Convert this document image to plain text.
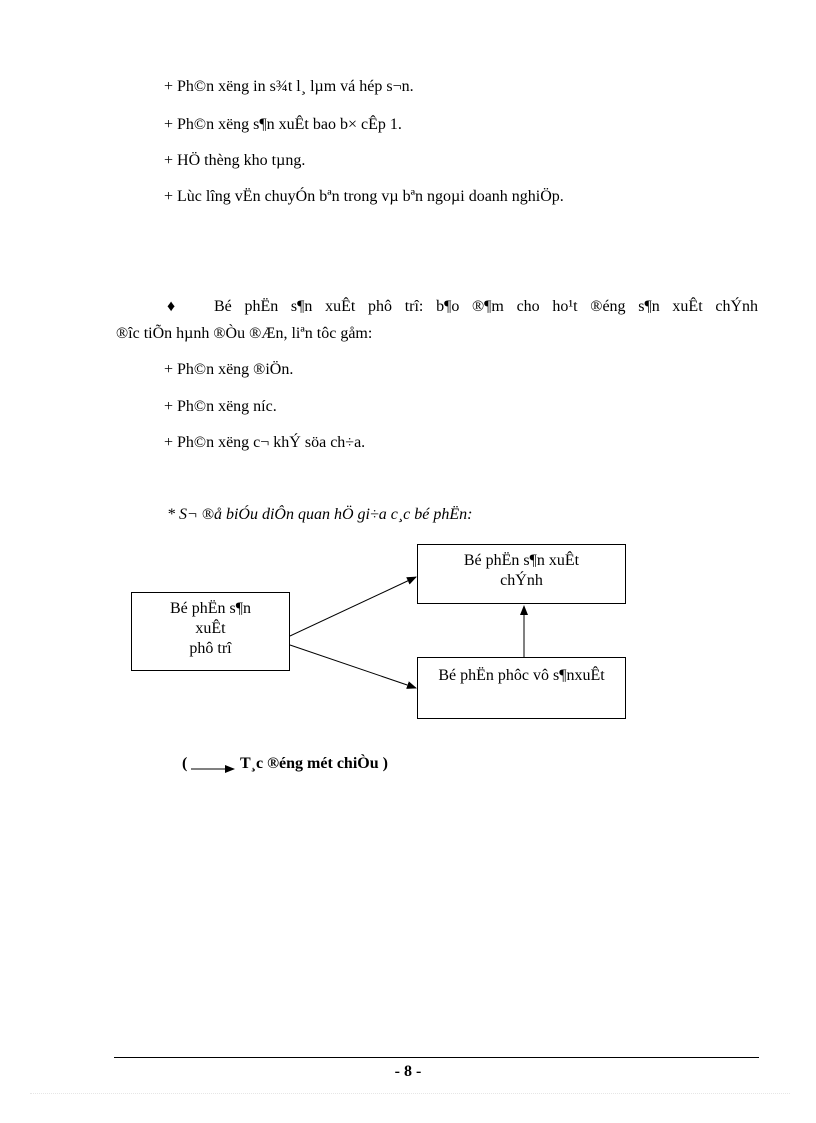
+ Ph©n xëng in s¾t l¸ lµm vá hép s¬n.
+ Ph©n xëng s¶n xuÊt bao b× cÊp 1.
+ HÖ thèng kho tµng.
+ Lùc lîng vËn chuyÓn bªn trong vµ bªn ngoµi doanh nghiÖp.
♦ Bé phËn s¶n xuÊt phô trî: b¶o ®¶m cho ho¹t ®éng s¶n xuÊt chÝnh
®îc tiÕn hµnh ®Òu ®Æn, liªn tôc gåm:
+ Ph©n xëng ®iÖn.
+ Ph©n xëng níc.
+ Ph©n xëng c¬ khÝ söa ch÷a.
* S¬ ®å biÓu diÔn quan hÖ gi÷a c¸c bé phËn:
Bé phËn s¶n xuÊt
chÝnh
Bé phËn s¶n
xuÊt
phô trî
Bé phËn phôc vô s¶nxuÊt
(	T¸c ®éng mét chiÒu )
- 8 -
